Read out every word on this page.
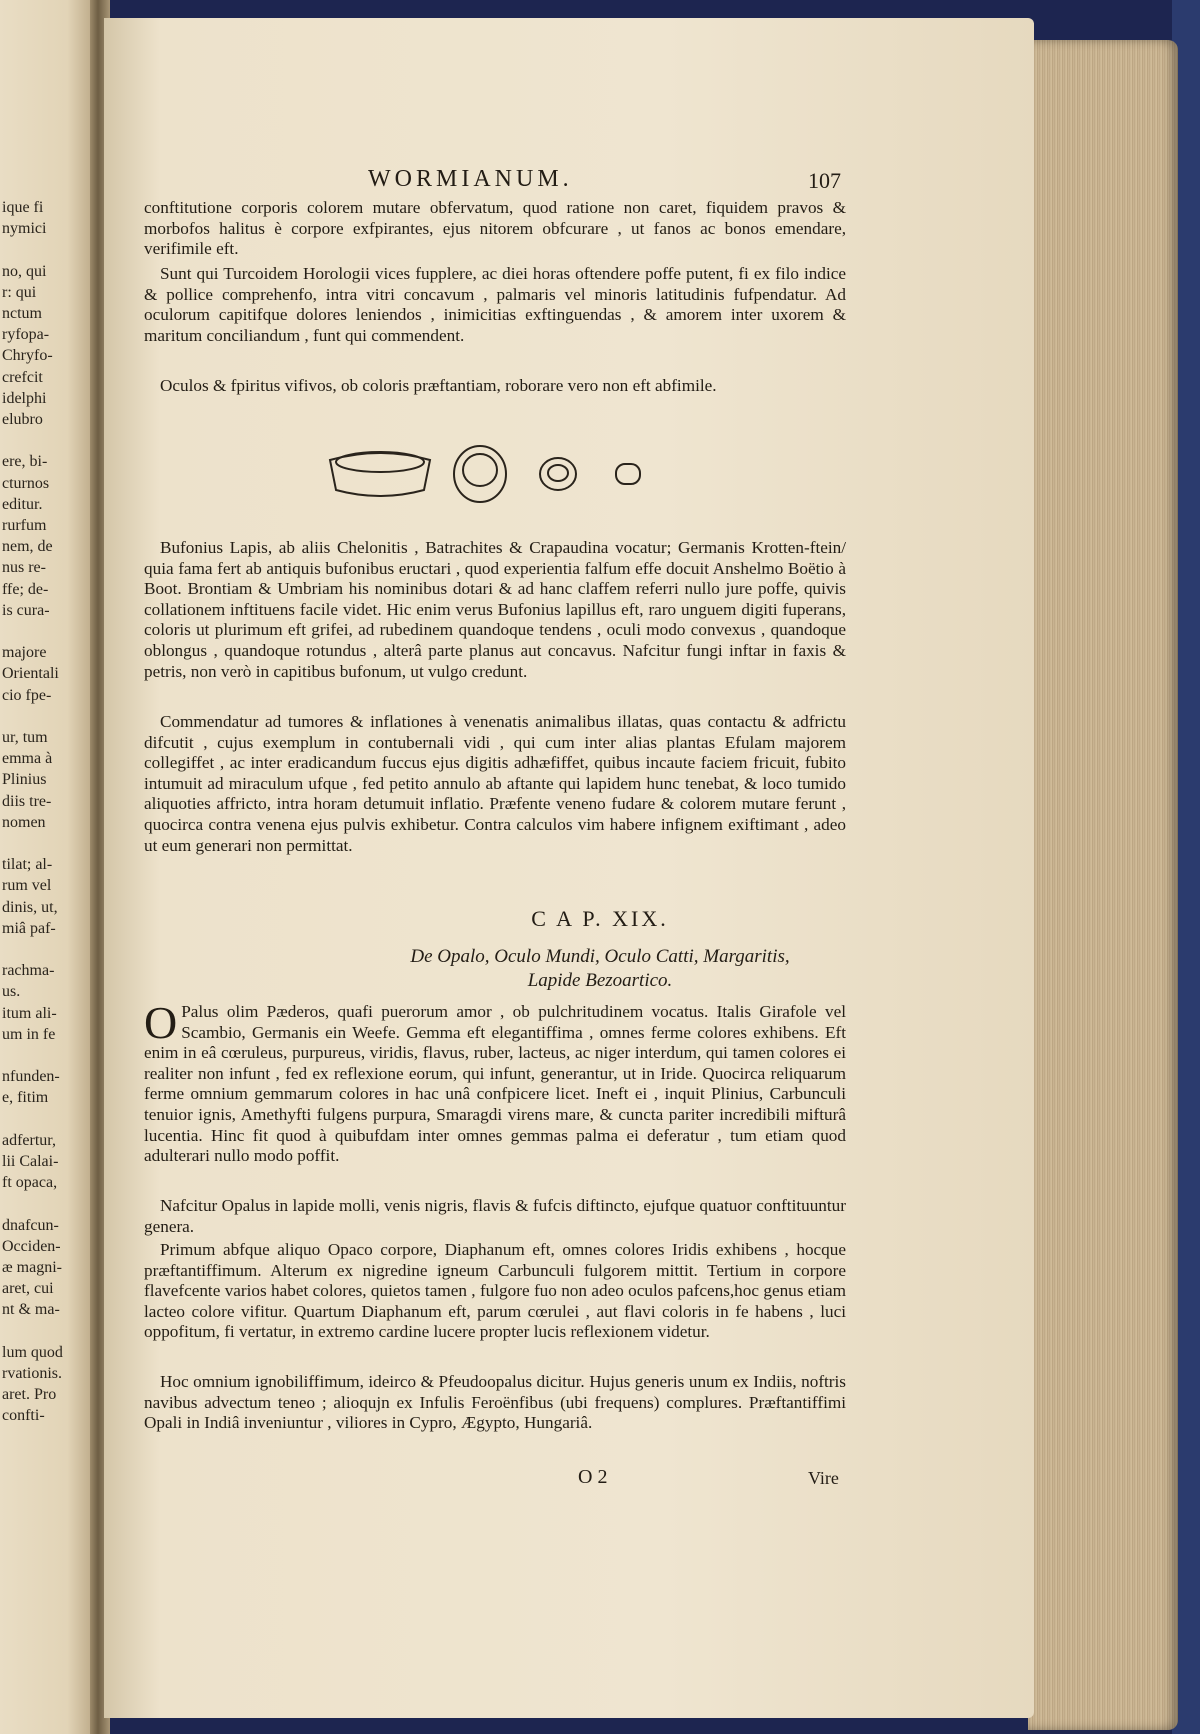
ique fi
nymici
no, qui
r: qui
nctum
ryfopa-
Chryfo-
crefcit
idelphi
elubro
ere, bi-
cturnos
editur.
rurfum
nem, de
nus re-
ffe; de-
is cura-
majore
Orientali
cio fpe-
ur, tum
emma à
Plinius
diis tre-
nomen
tilat; al-
rum vel
dinis, ut,
miâ paf-
rachma-
us.
itum ali-
um in fe
nfunden-
e, fitim
adfertur,
lii Calai-
ft opaca,
dnafcun-
Occiden-
æ magni-
aret, cui
nt & ma-
lum quod
rvationis.
aret. Pro
confti-
WORMIANUM.	107
conftitutione corporis colorem mutare obfervatum, quod ratione non caret, fiquidem pravos & morbofos halitus è corpore exfpirantes, ejus nitorem obfcurare , ut fanos ac bonos emendare, verifimile eft.
Sunt qui Turcoidem Horologii vices fupplere, ac diei horas oftendere poffe putent, fi ex filo indice & pollice comprehenfo, intra vitri concavum , palmaris vel minoris latitudinis fufpendatur. Ad oculorum capitifque dolores leniendos , inimicitias exftinguendas , & amorem inter uxorem & maritum conciliandum , funt qui commendent.
Oculos & fpiritus vifivos, ob coloris præftantiam, roborare vero non eft abfimile.
Bufonius Lapis, ab aliis Chelonitis , Batrachites & Crapaudina vocatur; Germanis Krotten-ftein/ quia fama fert ab antiquis bufonibus eructari , quod experientia falfum effe docuit Anshelmo Boëtio à Boot. Brontiam & Umbriam his nominibus dotari & ad hanc claffem referri nullo jure poffe, quivis collationem inftituens facile videt. Hic enim verus Bufonius lapillus eft, raro unguem digiti fuperans, coloris ut plurimum eft grifei, ad rubedinem quandoque tendens , oculi modo convexus , quandoque oblongus , quandoque rotundus , alterâ parte planus aut concavus. Nafcitur fungi inftar in faxis & petris, non verò in capitibus bufonum, ut vulgo credunt.
Commendatur ad tumores & inflationes à venenatis animalibus illatas, quas contactu & adfrictu difcutit , cujus exemplum in contubernali vidi , qui cum inter alias plantas Efulam majorem collegiffet , ac inter eradicandum fuccus ejus digitis adhæfiffet, quibus incaute faciem fricuit, fubito intumuit ad miraculum ufque , fed petito annulo ab aftante qui lapidem hunc tenebat, & loco tumido aliquoties affricto, intra horam detumuit inflatio. Præfente veneno fudare & colorem mutare ferunt , quocirca contra venena ejus pulvis exhibetur. Contra calculos vim habere infignem exiftimant , adeo ut eum generari non permittat.
C A P. XIX.
De Opalo, Oculo Mundi, Oculo Catti, Margaritis,
Lapide Bezoartico.
O Palus olim Pæderos, quafi puerorum amor , ob pulchritudinem vocatus. Italis Girafole vel Scambio, Germanis ein Weefe. Gemma eft elegantiffima , omnes ferme colores exhibens. Eft enim in eâ cœruleus, purpureus, viridis, flavus, ruber, lacteus, ac niger interdum, qui tamen colores ei realiter non infunt , fed ex reflexione eorum, qui infunt, generantur, ut in Iride. Quocirca reliquarum ferme omnium gemmarum colores in hac unâ confpicere licet. Ineft ei , inquit Plinius, Carbunculi tenuior ignis, Amethyfti fulgens purpura, Smaragdi virens mare, & cuncta pariter incredibili mifturâ lucentia. Hinc fit quod à quibufdam inter omnes gemmas palma ei deferatur , tum etiam quod adulterari nullo modo poffit.
Nafcitur Opalus in lapide molli, venis nigris, flavis & fufcis diftincto, ejufque quatuor conftituuntur genera.
Primum abfque aliquo Opaco corpore, Diaphanum eft, omnes colores Iridis exhibens , hocque præftantiffimum. Alterum ex nigredine igneum Carbunculi fulgorem mittit. Tertium in corpore flavefcente varios habet colores, quietos tamen , fulgore fuo non adeo oculos pafcens,hoc genus etiam lacteo colore vifitur. Quartum Diaphanum eft, parum cœrulei , aut flavi coloris in fe habens , luci oppofitum, fi vertatur, in extremo cardine lucere propter lucis reflexionem videtur.
Hoc omnium ignobiliffimum, ideirco & Pfeudoopalus dicitur. Hujus generis unum ex Indiis, noftris navibus advectum teneo ; alioqujn ex Infulis Feroënfibus (ubi frequens) complures. Præftantiffimi Opali in Indiâ inveniuntur , viliores in Cypro, Ægypto, Hungariâ.
O 2	Vire
